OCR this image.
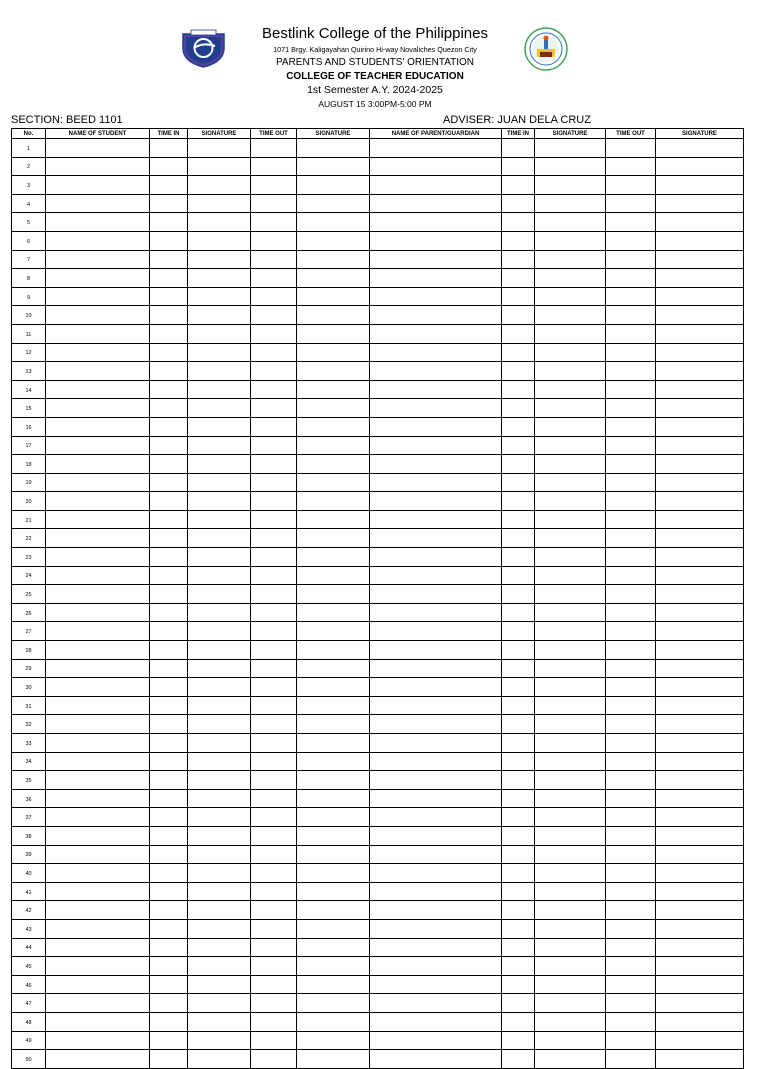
Bestlink College of the Philippines
1071 Brgy. Kaligayahan Quirino Hi-way Novaliches Quezon City
PARENTS AND STUDENTS' ORIENTATION
COLLEGE OF TEACHER EDUCATION
1st Semester A.Y. 2024-2025
AUGUST 15 3:00PM-5:00 PM
SECTION: BEED 1101	ADVISER: JUAN DELA CRUZ
No.	NAME OF STUDENT	TIME IN	SIGNATURE	TIME OUT	SIGNATURE	NAME OF PARENT/GUARDIAN	TIME IN	SIGNATURE	TIME OUT	SIGNATURE
1										
2										
3										
4										
5										
6										
7										
8										
9										
10										
11										
12										
13										
14										
15										
16										
17										
18										
19										
20										
21										
22										
23										
24										
25										
26										
27										
28										
29										
30										
31										
32										
33										
34										
35										
36										
37										
38										
39										
40										
41										
42										
43										
44										
45										
46										
47										
48										
49										
50										
